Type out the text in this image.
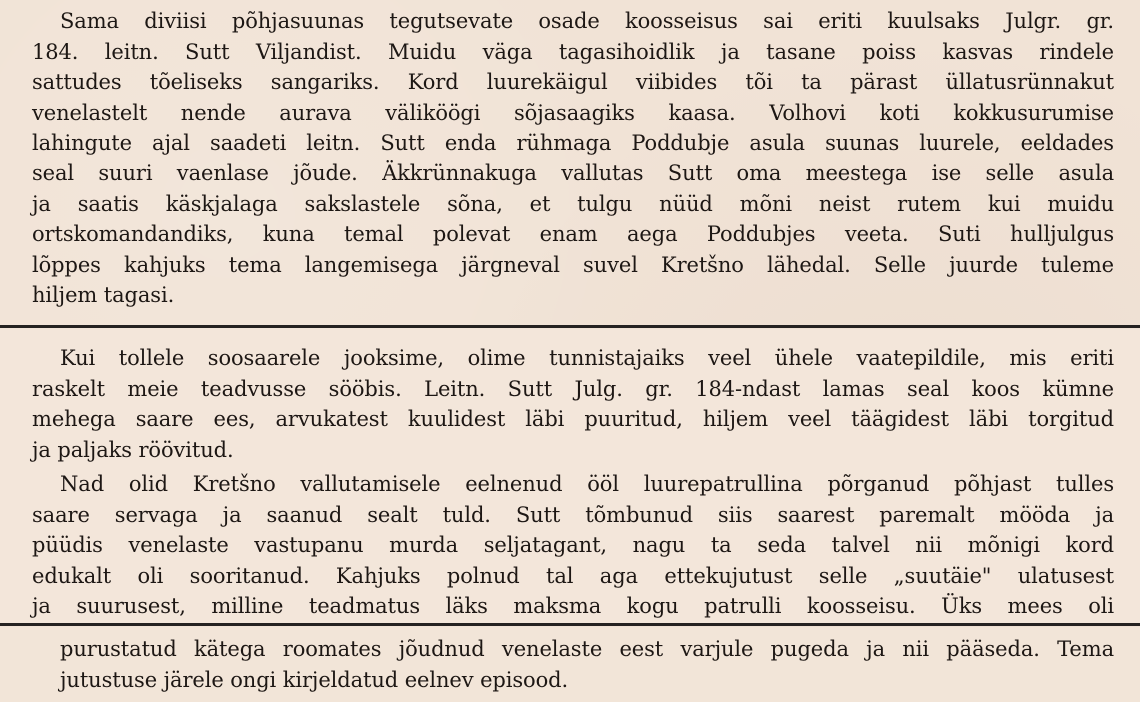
Sama diviisi põhjasuunas tegutsevate osade koosseisus sai eriti kuulsaks Julgr. gr.
184. leitn. Sutt Viljandist. Muidu väga tagasihoidlik ja tasane poiss kasvas rindele
sattudes tõeliseks sangariks. Kord luurekäigul viibides tõi ta pärast üllatusrünnakut
venelastelt nende aurava väliköögi sõjasaagiks kaasa. Volhovi koti kokkusurumise
lahingute ajal saadeti leitn. Sutt enda rühmaga Poddubje asula suunas luurele, eeldades
seal suuri vaenlase jõude. Äkkrünnakuga vallutas Sutt oma meestega ise selle asula
ja saatis käskjalaga sakslastele sõna, et tulgu nüüd mõni neist rutem kui muidu
ortskomandandiks, kuna temal polevat enam aega Poddubjes veeta. Suti hulljulgus
lõppes kahjuks tema langemisega järgneval suvel Kretšno lähedal. Selle juurde tuleme
hiljem tagasi.
Kui tollele soosaarele jooksime, olime tunnistajaiks veel ühele vaatepildile, mis eriti
raskelt meie teadvusse sööbis. Leitn. Sutt Julg. gr. 184-ndast lamas seal koos kümne
mehega saare ees, arvukatest kuulidest läbi puuritud, hiljem veel täägidest läbi torgitud
ja paljaks röövitud.
Nad olid Kretšno vallutamisele eelnenud ööl luurepatrullina põrganud põhjast tulles
saare servaga ja saanud sealt tuld. Sutt tõmbunud siis saarest paremalt mööda ja
püüdis venelaste vastupanu murda seljatagant, nagu ta seda talvel nii mõnigi kord
edukalt oli sooritanud. Kahjuks polnud tal aga ettekujutust selle „suutäie" ulatusest
ja suurusest, milline teadmatus läks maksma kogu patrulli koosseisu. Üks mees oli
purustatud kätega roomates jõudnud venelaste eest varjule pugeda ja nii pääseda. Tema
jutustuse järele ongi kirjeldatud eelnev episood.
